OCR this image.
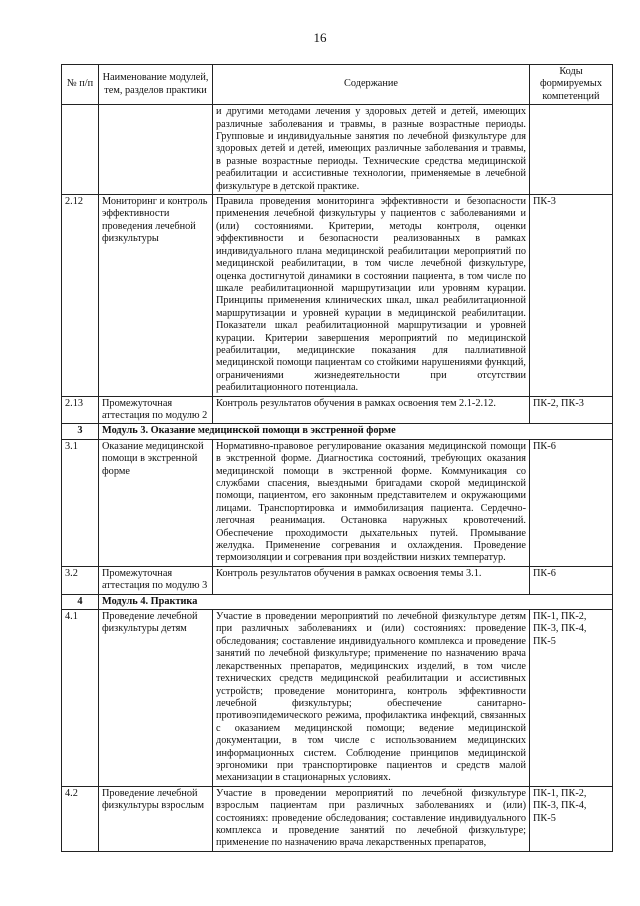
16
№ п/п	Наименование модулей, тем, разделов практики	Содержание	Коды формируемых компетенций
		и другими методами лечения у здоровых детей и детей, имеющих различные заболевания и травмы, в разные возрастные периоды. Групповые и индивидуальные занятия по лечебной физкультуре для здоровых детей и детей, имеющих различные заболевания и травмы, в разные возрастные периоды. Технические средства медицинской реабилитации и ассистивные технологии, применяемые в лечебной физкультуре в детской практике.	
2.12	Мониторинг и контроль эффективности проведения лечебной физкультуры	Правила проведения мониторинга эффективности и безопасности применения лечебной физкультуры у пациентов с заболеваниями и (или) состояниями. Критерии, методы контроля, оценки эффективности и безопасности реализованных в рамках индивидуального плана медицинской реабилитации мероприятий по медицинской реабилитации, в том числе лечебной физкультуре, оценка достигнутой динамики в состоянии пациента, в том числе по шкале реабилитационной маршрутизации или уровням курации. Принципы применения клинических шкал, шкал реабилитационной маршрутизации и уровней курации в медицинской реабилитации. Показатели шкал реабилитационной маршрутизации и уровней курации. Критерии завершения мероприятий по медицинской реабилитации, медицинские показания для паллиативной медицинской помощи пациентам со стойкими нарушениями функций, ограничениями жизнедеятельности при отсутствии реабилитационного потенциала.	ПК-3
2.13	Промежуточная аттестация по модулю 2	Контроль результатов обучения в рамках освоения тем 2.1-2.12.	ПК-2, ПК-3
3	Модуль 3. Оказание медицинской помощи в экстренной форме		
3.1	Оказание медицинской помощи в экстренной форме	Нормативно-правовое регулирование оказания медицинской помощи в экстренной форме. Диагностика состояний, требующих оказания медицинской помощи в экстренной форме. Коммуникация со службами спасения, выездными бригадами скорой медицинской помощи, пациентом, его законным представителем и окружающими лицами. Транспортировка и иммобилизация пациента. Сердечно-легочная реанимация. Остановка наружных кровотечений. Обеспечение проходимости дыхательных путей. Промывание желудка. Применение согревания и охлаждения. Проведение термоизоляции и согревания при воздействии низких температур.	ПК-6
3.2	Промежуточная аттестация по модулю 3	Контроль результатов обучения в рамках освоения темы 3.1.	ПК-6
4	Модуль 4. Практика		
4.1	Проведение лечебной физкультуры детям	Участие в проведении мероприятий по лечебной физкультуре детям при различных заболеваниях и (или) состояниях: проведение обследования; составление индивидуального комплекса и проведение занятий по лечебной физкультуре; применение по назначению врача лекарственных препаратов, медицинских изделий, в том числе технических средств медицинской реабилитации и ассистивных устройств; проведение мониторинга, контроль эффективности лечебной физкультуры; обеспечение санитарно-противоэпидемического режима, профилактика инфекций, связанных с оказанием медицинской помощи; ведение медицинской документации, в том числе с использованием медицинских информационных систем. Соблюдение принципов медицинской эргономики при транспортировке пациентов и средств малой механизации в стационарных условиях.	ПК-1, ПК-2, ПК-3, ПК-4, ПК-5
4.2	Проведение лечебной физкультуры взрослым	Участие в проведении мероприятий по лечебной физкультуре взрослым пациентам при различных заболеваниях и (или) состояниях: проведение обследования; составление индивидуального комплекса и проведение занятий по лечебной физкультуре; применение по назначению врача лекарственных препаратов,	ПК-1, ПК-2, ПК-3, ПК-4, ПК-5
